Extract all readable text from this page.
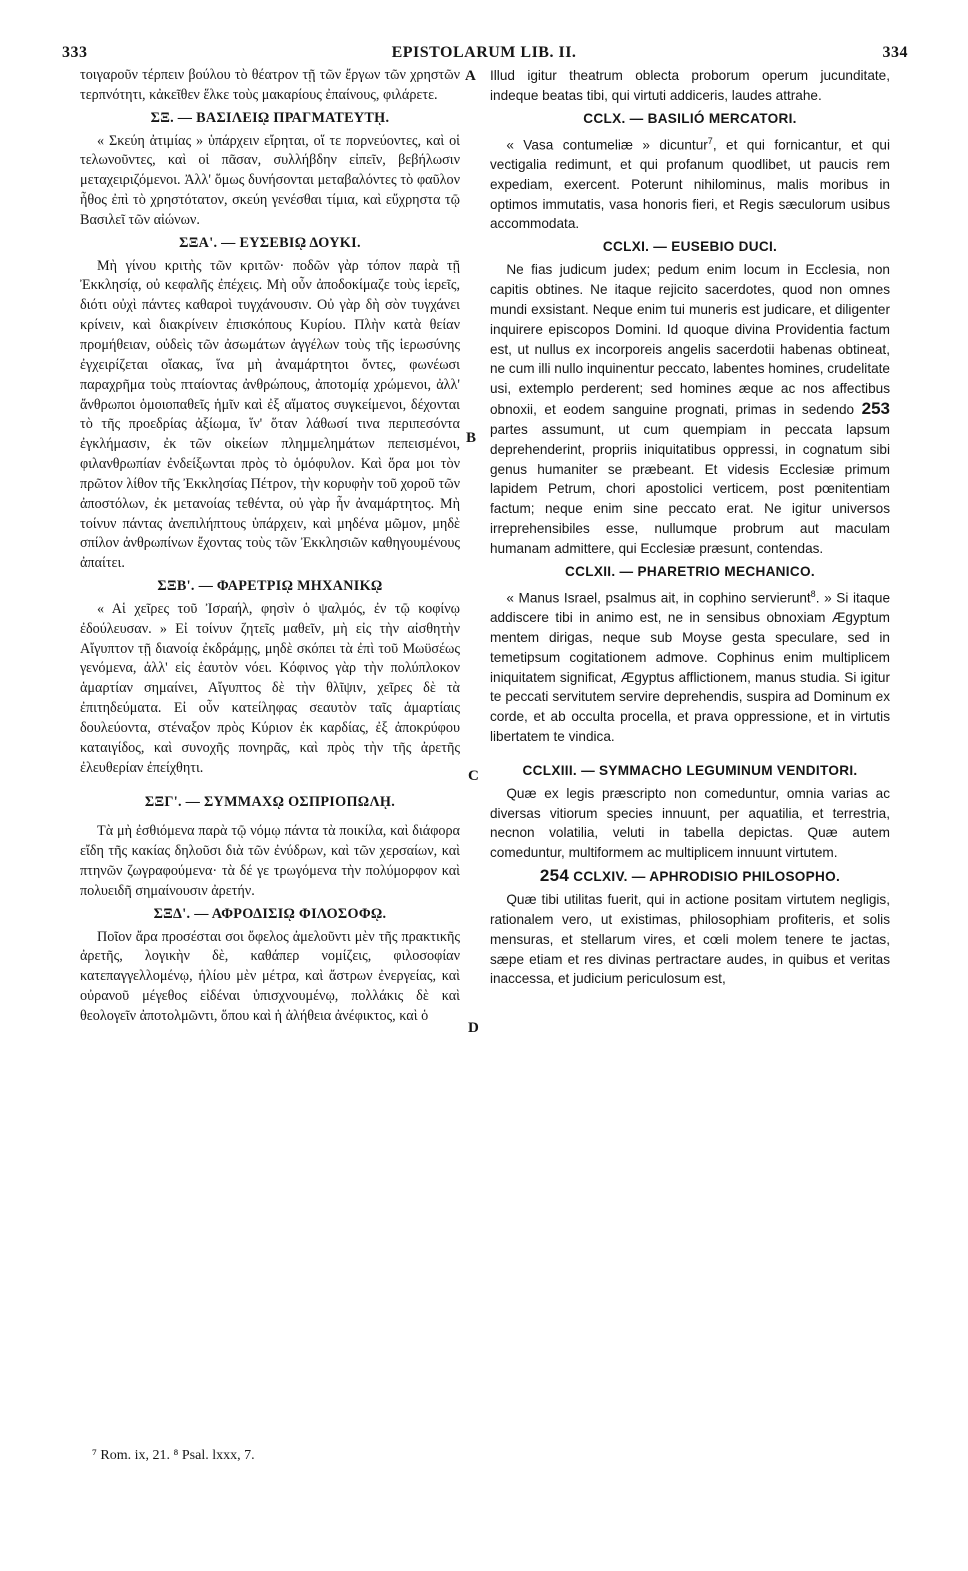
333	EPISTOLARUM LIB. II.	334
A
B
C
D

τοιγαροῦν τέρπειν βούλου τὸ θέατρον τῇ τῶν ἔργων τῶν χρηστῶν τερπνότητι, κἀκεῖθεν ἕλκε τοὺς μακαρίους ἐπαίνους, φιλάρετε.

ΣΞ. — ΒΑΣΙΛΕΙῼ ΠΡΑΓΜΑΤΕΥΤῌ.

« Σκεύη ἀτιμίας » ὑπάρχειν εἴρηται, οἵ τε πορνεύοντες, καὶ οἱ τελωνοῦντες, καὶ οἱ πᾶσαν, συλλήβδην εἰπεῖν, βεβήλωσιν μεταχειριζόμενοι. Ἀλλ' ὅμως δυνήσονται μεταβαλόντες τὸ φαῦλον ἦθος ἐπὶ τὸ χρηστότατον, σκεύη γενέσθαι τίμια, καὶ εὔχρηστα τῷ Βασιλεῖ τῶν αἰώνων.

ΣΞΑ'. — ΕΥΣΕΒΙῼ ΔΟΥΚΙ.

Μὴ γίνου κριτὴς τῶν κριτῶν· ποδῶν γὰρ τόπον παρὰ τῇ Ἐκκλησίᾳ, οὐ κεφαλῆς ἐπέχεις. Μὴ οὖν ἀποδοκίμαζε τοὺς ἱερεῖς, διότι οὐχὶ πάντες καθαροὶ τυγχάνουσιν. Οὐ γὰρ δὴ σὸν τυγχάνει κρίνειν, καὶ διακρίνειν ἐπισκόπους Κυρίου. Πλὴν κατὰ θείαν προμήθειαν, οὐδεὶς τῶν ἀσωμάτων ἀγγέλων τοὺς τῆς ἱερωσύνης ἐγχειρίζεται οἴακας, ἵνα μὴ ἀναμάρτητοι ὄντες, φωνέωσι παραχρῆμα τοὺς πταίοντας ἀνθρώπους, ἀποτομίᾳ χρώμενοι, ἀλλ' ἄνθρωποι ὁμοιοπαθεῖς ἡμῖν καὶ ἐξ αἵματος συγκείμενοι, δέχονται τὸ τῆς προεδρίας ἀξίωμα, ἵν' ὅταν λάθωσί τινα περιπεσόντα ἐγκλήμασιν, ἐκ τῶν οἰκείων πλημμελημάτων πεπεισμένοι, φιλανθρωπίαν ἐνδείξωνται πρὸς τὸ ὁμόφυλον. Καὶ ὅρα μοι τὸν πρῶτον λίθον τῆς Ἐκκλησίας Πέτρον, τὴν κορυφὴν τοῦ χοροῦ τῶν ἀποστόλων, ἐκ μετανοίας τεθέντα, οὐ γὰρ ἦν ἀναμάρτητος. Μὴ τοίνυν πάντας ἀνεπιλήπτους ὑπάρχειν, καὶ μηδένα μῶμον, μηδὲ σπίλον ἀνθρωπίνων ἔχοντας τοὺς τῶν Ἐκκλησιῶν καθηγουμένους ἀπαίτει.

ΣΞΒ'. — ΦΑΡΕΤΡΙῼ ΜΗΧΑΝΙΚῼ

« Αἱ χεῖρες τοῦ Ἰσραήλ, φησὶν ὁ ψαλμός, ἐν τῷ κοφίνῳ ἐδούλευσαν. » Εἰ τοίνυν ζητεῖς μαθεῖν, μὴ εἰς τὴν αἰσθητὴν Αἴγυπτον τῇ διανοίᾳ ἐκδράμῃς, μηδὲ σκόπει τὰ ἐπὶ τοῦ Μωϋσέως γενόμενα, ἀλλ' εἰς ἑαυτὸν νόει. Κόφινος γὰρ τὴν πολύπλοκον ἁμαρτίαν σημαίνει, Αἴγυπτος δὲ τὴν θλῖψιν, χεῖρες δὲ τὰ ἐπιτηδεύματα. Εἰ οὖν κατείληφας σεαυτὸν ταῖς ἁμαρτίαις δουλεύοντα, στέναξον πρὸς Κύριον ἐκ καρδίας, ἐξ ἀποκρύφου καταιγίδος, καὶ συνοχῆς πονηρᾶς, καὶ πρὸς τὴν τῆς ἀρετῆς ἐλευθερίαν ἐπείχθητι.

ΣΞΓ'. — ΣΥΜΜΑΧῼ ΟΣΠΡΙΟΠΩΛῌ.

Τὰ μὴ ἐσθιόμενα παρὰ τῷ νόμῳ πάντα τὰ ποικίλα, καὶ διάφορα εἴδη τῆς κακίας δηλοῦσι διὰ τῶν ἐνύδρων, καὶ τῶν χερσαίων, καὶ πτηνῶν ζωγραφούμενα· τὰ δέ γε τρωγόμενα τὴν πολύμορφον καὶ πολυειδῆ σημαίνουσιν ἀρετήν.

ΣΞΔ'. — ΑΦΡΟΔΙΣΙῼ ΦΙΛΟΣΟΦῼ.

Ποῖον ἄρα προσέσται σοι ὄφελος ἀμελοῦντι μὲν τῆς πρακτικῆς ἀρετῆς, λογικὴν δὲ, καθάπερ νομίζεις, φιλοσοφίαν κατεπαγγελλομένῳ, ἡλίου μὲν μέτρα, καὶ ἄστρων ἐνεργείας, καὶ οὐρανοῦ μέγεθος εἰδέναι ὑπισχνουμένῳ, πολλάκις δὲ καὶ θεολογεῖν ἀποτολμῶντι, ὅπου καὶ ἡ ἀλήθεια ἀνέφικτος, καὶ ὁ

Illud igitur theatrum oblecta proborum operum jucunditate, indeque beatas tibi, qui virtuti addiceris, laudes attrahe.

CCLX. — BASILIÓ MERCATORI.

« Vasa contumeliæ » dicuntur$^7$, et qui fornicantur, et qui vectigalia redimunt, et qui profanum quodlibet, ut paucis rem expediam, exercent. Poterunt nihilominus, malis moribus in optimos immutatis, vasa honoris fieri, et Regis sæculorum usibus accommodata.

CCLXI. — EUSEBIO DUCI.

Ne fias judicum judex; pedum enim locum in Ecclesia, non capitis obtines. Ne itaque rejicito sacerdotes, quod non omnes mundi exsistant. Neque enim tui muneris est judicare, et diligenter inquirere episcopos Domini. Id quoque divina Providentia factum est, ut nullus ex incorporeis angelis sacerdotii habenas obtineat, ne cum illi nullo inquinentur peccato, labentes homines, crudelitate usi, extemplo perderent; sed homines æque ac nos affectibus obnoxii, et eodem sanguine prognati, primas in sedendo 253 partes assumunt, ut cum quempiam in peccata lapsum deprehenderint, propriis iniquitatibus oppressi, in cognatum sibi genus humaniter se præbeant. Et videsis Ecclesiæ primum lapidem Petrum, chori apostolici verticem, post pœnitentiam factum; neque enim sine peccato erat. Ne igitur universos irreprehensibiles esse, nullumque probrum aut maculam humanam admittere, qui Ecclesiæ præsunt, contendas.

CCLXII. — PHARETRIO MECHANICO.

« Manus Israel, psalmus ait, in cophino servierunt$^8$. » Si itaque addiscere tibi in animo est, ne in sensibus obnoxiam Ægyptum mentem dirigas, neque sub Moyse gesta speculare, sed in temetipsum cogitationem admove. Cophinus enim multiplicem iniquitatem significat, Ægyptus afflictionem, manus studia. Si igitur te peccati servitutem servire deprehendis, suspira ad Dominum ex corde, et ab occulta procella, et prava oppressione, et in virtutis libertatem te vindica.

CCLXIII. — SYMMACHO LEGUMINUM VENDITORI.

Quæ ex legis præscripto non comeduntur, omnia varias ac diversas vitiorum species innuunt, per aquatilia, et terrestria, necnon volatilia, veluti in tabella depictas. Quæ autem comeduntur, multiformem ac multiplicem innuunt virtutem.

254 CCLXIV. — APHRODISIO PHILOSOPHO.

Quæ tibi utilitas fuerit, qui in actione positam virtutem negligis, rationalem vero, ut existimas, philosophiam profiteris, et solis mensuras, et stellarum vires, et cœli molem tenere te jactas, sæpe etiam et res divinas pertractare audes, in quibus et veritas inaccessa, et judicium periculosum est,

⁷ Rom. ix, 21. ⁸ Psal. lxxx, 7.
